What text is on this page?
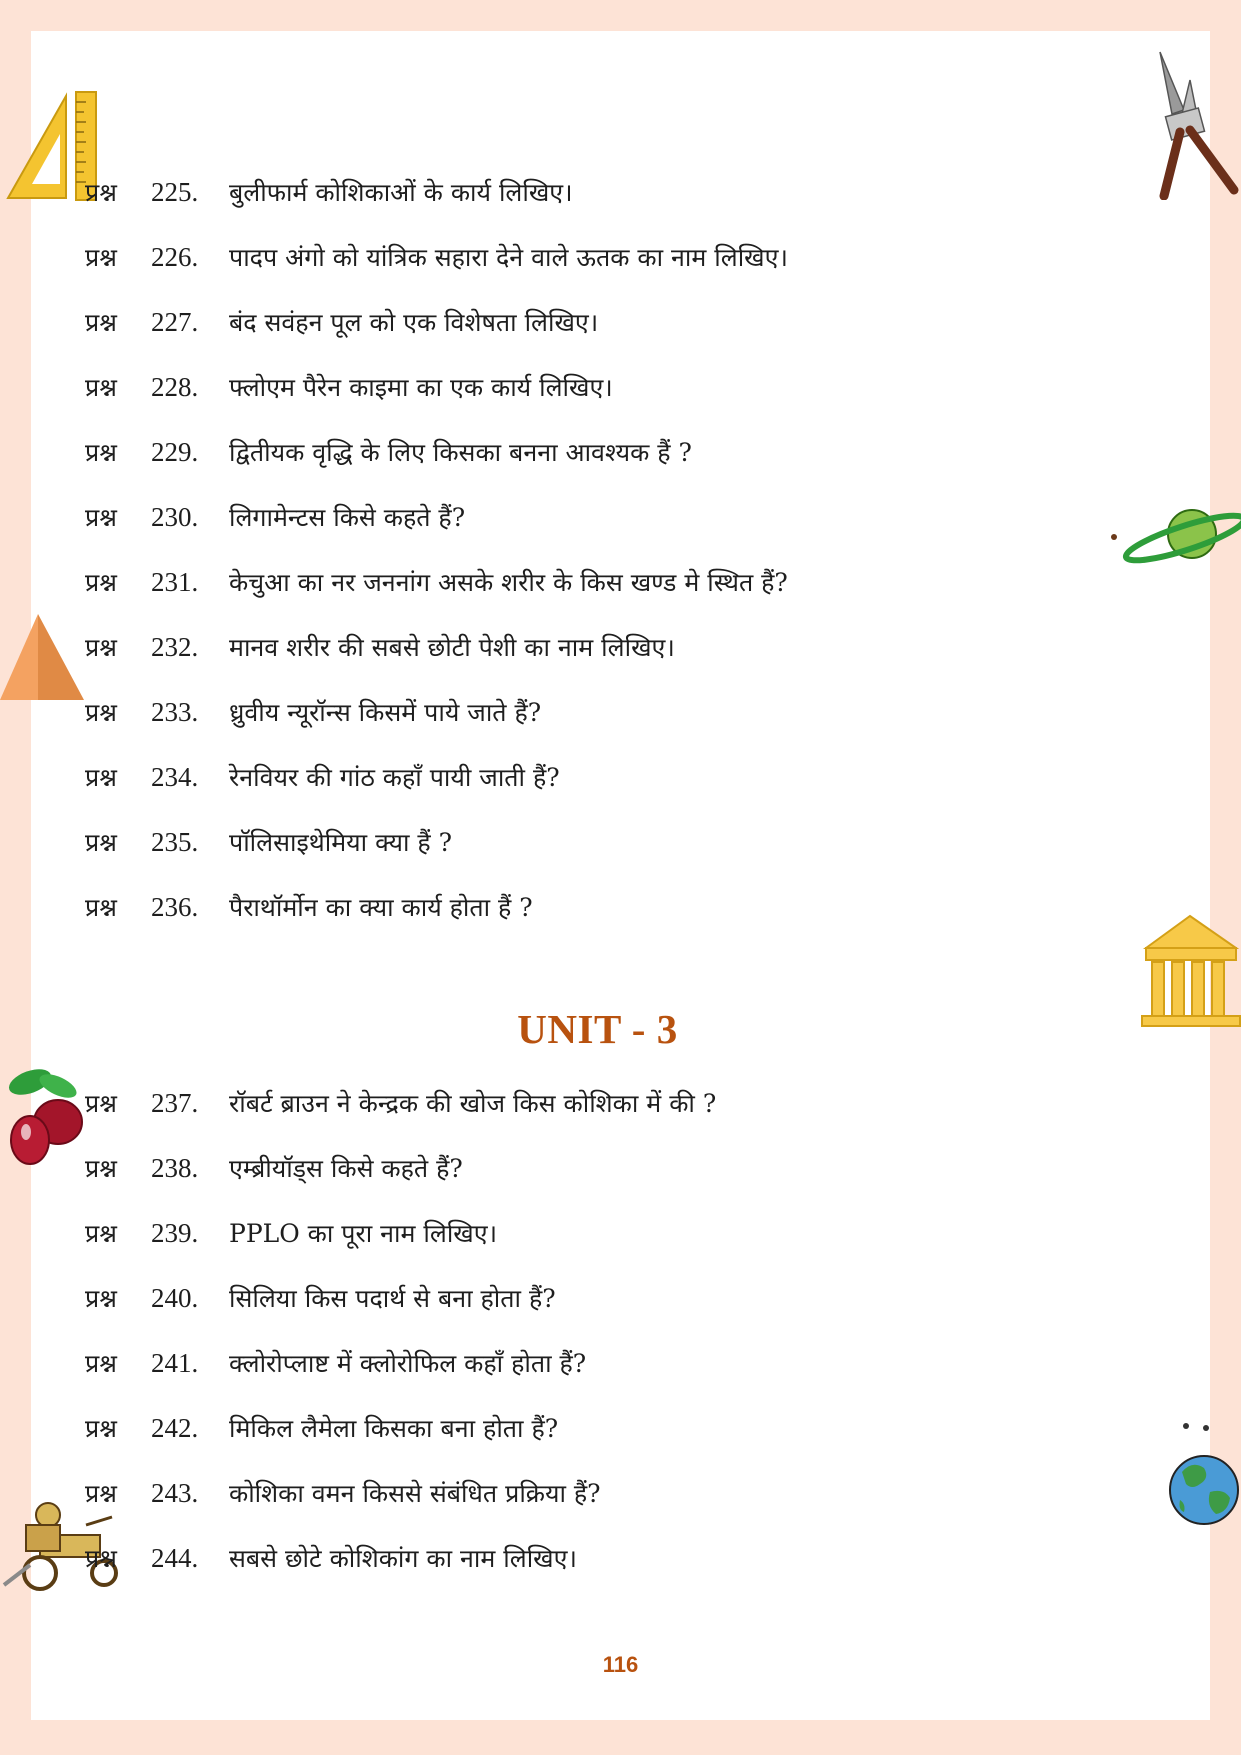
प्रश्न	225.	बुलीफार्म कोशिकाओं के कार्य लिखिए।
प्रश्न	226.	पादप अंगो को यांत्रिक सहारा देने वाले ऊतक का नाम लिखिए।
प्रश्न	227.	बंद सवंहन पूल को एक विशेषता लिखिए।
प्रश्न	228.	फ्लोएम पैरेन काइमा का एक कार्य लिखिए।
प्रश्न	229.	द्वितीयक वृद्धि के लिए किसका बनना आवश्यक हैं ?
प्रश्न	230.	लिगामेन्टस किसे कहते हैं?
प्रश्न	231.	केचुआ का नर जननांग असके शरीर के किस खण्ड मे स्थित हैं?
प्रश्न	232.	मानव शरीर की सबसे छोटी पेशी का नाम लिखिए।
प्रश्न	233.	ध्रुवीय न्यूरॉन्स किसमें पाये जाते हैं?
प्रश्न	234.	रेनवियर की गांठ कहाँ पायी जाती हैं?
प्रश्न	235.	पॉलिसाइथेमिया क्या हैं ?
प्रश्न	236.	पैराथॉर्मोन का क्या कार्य होता हैं ?
UNIT - 3
प्रश्न	237.	रॉबर्ट ब्राउन ने केन्द्रक की खोज किस कोशिका में की ?
प्रश्न	238.	एम्ब्रीयॉड्स किसे कहते हैं?
प्रश्न	239.	PPLO का पूरा नाम लिखिए।
प्रश्न	240.	सिलिया किस पदार्थ से बना होता हैं?
प्रश्न	241.	क्लोरोप्लाष्ट में क्लोरोफिल कहाँ होता हैं?
प्रश्न	242.	मिकिल लैमेला किसका बना होता हैं?
प्रश्न	243.	कोशिका वमन किससे संबंधित प्रक्रिया हैं?
प्रश्न	244.	सबसे छोटे कोशिकांग का नाम लिखिए।
116
